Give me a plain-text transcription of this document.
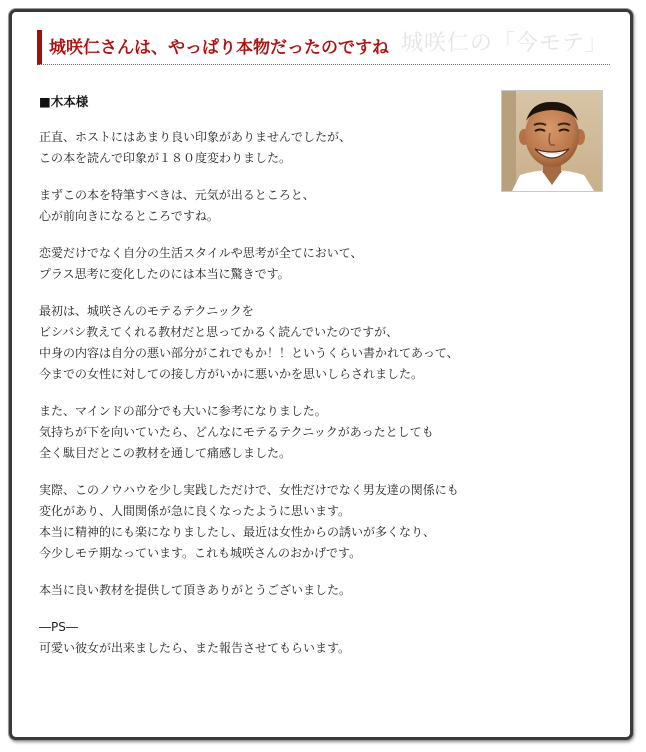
城咲仁の「今モテ」
城咲仁さんは、やっぱり本物だったのですね
■木本様
正直、ホストにはあまり良い印象がありませんでしたが、
この本を読んで印象が１８０度変わりました。
まずこの本を特筆すべきは、元気が出るところと、
心が前向きになるところですね。
恋愛だけでなく自分の生活スタイルや思考が全てにおいて、
プラス思考に変化したのには本当に驚きです。
最初は、城咲さんのモテるテクニックを
ビシバシ教えてくれる教材だと思ってかるく読んでいたのですが、
中身の内容は自分の悪い部分がこれでもか！！というくらい書かれてあって、
今までの女性に対しての接し方がいかに悪いかを思いしらされました。
また、マインドの部分でも大いに参考になりました。
気持ちが下を向いていたら、どんなにモテるテクニックがあったとしても
全く駄目だとこの教材を通して痛感しました。
実際、このノウハウを少し実践しただけで、女性だけでなく男友達の関係にも
変化があり、人間関係が急に良くなったように思います。
本当に精神的にも楽になりましたし、最近は女性からの誘いが多くなり、
今少しモテ期なっています。これも城咲さんのおかげです。
本当に良い教材を提供して頂きありがとうございました。
―PS―
可愛い彼女が出来ましたら、また報告させてもらいます。
